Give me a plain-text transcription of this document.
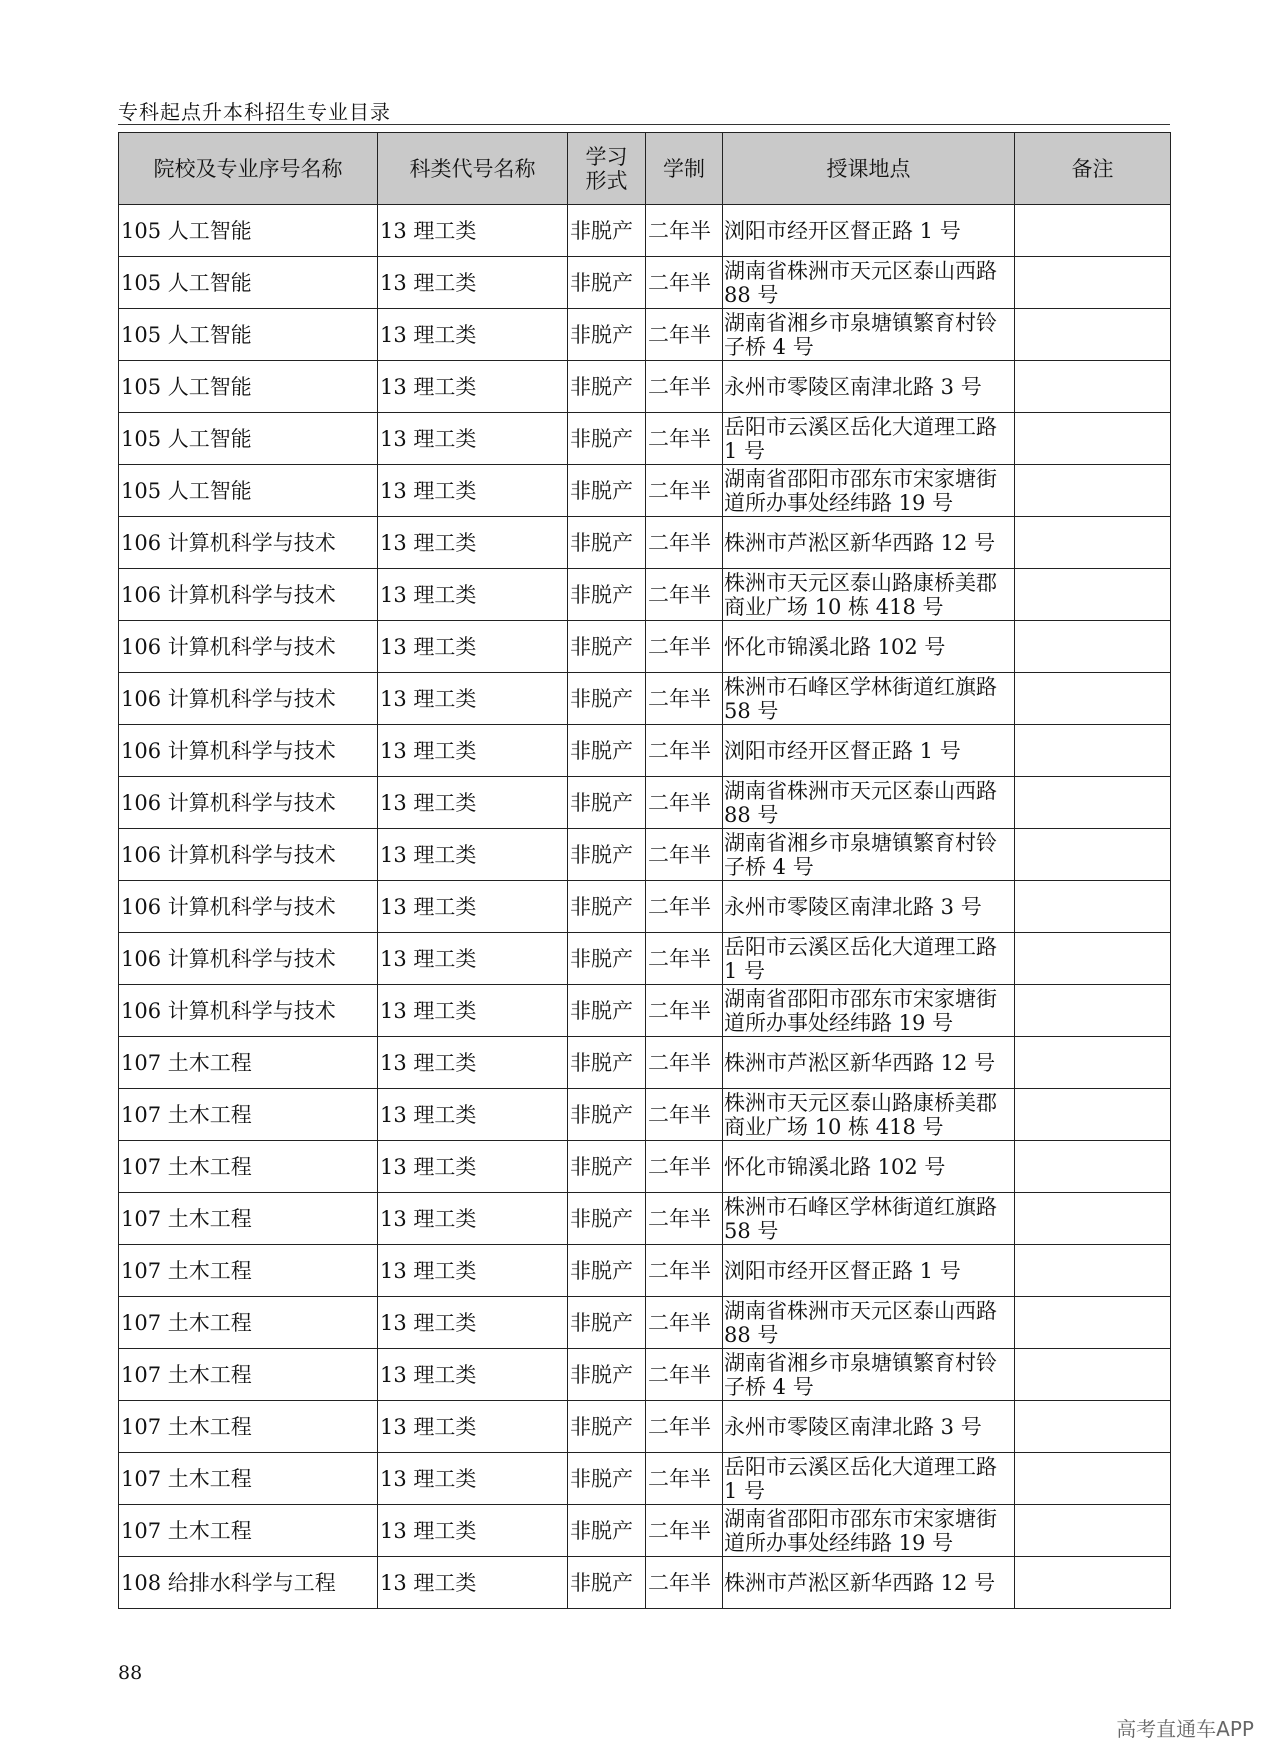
专科起点升本科招生专业目录
院校及专业序号名称	科类代号名称	学习形式	学制	授课地点	备注
105 人工智能	13 理工类	非脱产	二年半	浏阳市经开区督正路 1 号	
105 人工智能	13 理工类	非脱产	二年半	湖南省株洲市天元区泰山西路 88 号	
105 人工智能	13 理工类	非脱产	二年半	湖南省湘乡市泉塘镇繁育村铃子桥 4 号	
105 人工智能	13 理工类	非脱产	二年半	永州市零陵区南津北路 3 号	
105 人工智能	13 理工类	非脱产	二年半	岳阳市云溪区岳化大道理工路 1 号	
105 人工智能	13 理工类	非脱产	二年半	湖南省邵阳市邵东市宋家塘街道所办事处经纬路 19 号	
106 计算机科学与技术	13 理工类	非脱产	二年半	株洲市芦淞区新华西路 12 号	
106 计算机科学与技术	13 理工类	非脱产	二年半	株洲市天元区泰山路康桥美郡商业广场 10 栋 418 号	
106 计算机科学与技术	13 理工类	非脱产	二年半	怀化市锦溪北路 102 号	
106 计算机科学与技术	13 理工类	非脱产	二年半	株洲市石峰区学林街道红旗路 58 号	
106 计算机科学与技术	13 理工类	非脱产	二年半	浏阳市经开区督正路 1 号	
106 计算机科学与技术	13 理工类	非脱产	二年半	湖南省株洲市天元区泰山西路 88 号	
106 计算机科学与技术	13 理工类	非脱产	二年半	湖南省湘乡市泉塘镇繁育村铃子桥 4 号	
106 计算机科学与技术	13 理工类	非脱产	二年半	永州市零陵区南津北路 3 号	
106 计算机科学与技术	13 理工类	非脱产	二年半	岳阳市云溪区岳化大道理工路 1 号	
106 计算机科学与技术	13 理工类	非脱产	二年半	湖南省邵阳市邵东市宋家塘街道所办事处经纬路 19 号	
107 土木工程	13 理工类	非脱产	二年半	株洲市芦淞区新华西路 12 号	
107 土木工程	13 理工类	非脱产	二年半	株洲市天元区泰山路康桥美郡商业广场 10 栋 418 号	
107 土木工程	13 理工类	非脱产	二年半	怀化市锦溪北路 102 号	
107 土木工程	13 理工类	非脱产	二年半	株洲市石峰区学林街道红旗路 58 号	
107 土木工程	13 理工类	非脱产	二年半	浏阳市经开区督正路 1 号	
107 土木工程	13 理工类	非脱产	二年半	湖南省株洲市天元区泰山西路 88 号	
107 土木工程	13 理工类	非脱产	二年半	湖南省湘乡市泉塘镇繁育村铃子桥 4 号	
107 土木工程	13 理工类	非脱产	二年半	永州市零陵区南津北路 3 号	
107 土木工程	13 理工类	非脱产	二年半	岳阳市云溪区岳化大道理工路 1 号	
107 土木工程	13 理工类	非脱产	二年半	湖南省邵阳市邵东市宋家塘街道所办事处经纬路 19 号	
108 给排水科学与工程	13 理工类	非脱产	二年半	株洲市芦淞区新华西路 12 号	
88
高考直通车APP
